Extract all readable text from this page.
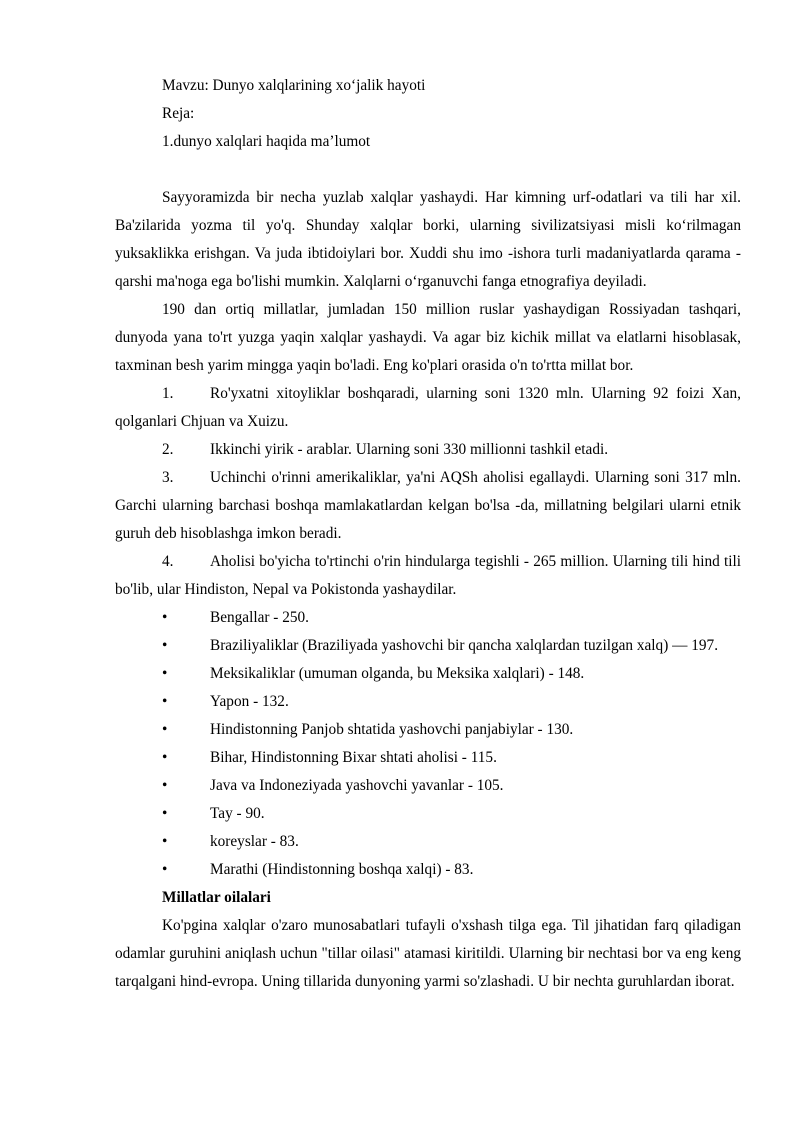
Mavzu: Dunyo xalqlarining xo‘jalik hayoti
Reja:
1.dunyo xalqlari haqida ma’lumot

Sayyoramizda bir necha yuzlab xalqlar yashaydi. Har kimning urf-odatlari va tili har xil. Ba'zilarida yozma til yo'q. Shunday xalqlar borki, ularning sivilizatsiyasi misli ko‘rilmagan yuksaklikka erishgan. Va juda ibtidoiylari bor. Xuddi shu imo -ishora turli madaniyatlarda qarama -qarshi ma'noga ega bo'lishi mumkin. Xalqlarni o‘rganuvchi fanga etnografiya deyiladi.

190 dan ortiq millatlar, jumladan 150 million ruslar yashaydigan Rossiyadan tashqari, dunyoda yana to'rt yuzga yaqin xalqlar yashaydi. Va agar biz kichik millat va elatlarni hisoblasak, taxminan besh yarim mingga yaqin bo'ladi. Eng ko'plari orasida o'n to'rtta millat bor.

1. Ro'yxatni xitoyliklar boshqaradi, ularning soni 1320 mln. Ularning 92 foizi Xan, qolganlari Chjuan va Xuizu.

2. Ikkinchi yirik - arablar. Ularning soni 330 millionni tashkil etadi.

3. Uchinchi o'rinni amerikaliklar, ya'ni AQSh aholisi egallaydi. Ularning soni 317 mln. Garchi ularning barchasi boshqa mamlakatlardan kelgan bo'lsa -da, millatning belgilari ularni etnik guruh deb hisoblashga imkon beradi.

4. Aholisi bo'yicha to'rtinchi o'rin hindularga tegishli - 265 million. Ularning tili hind tili bo'lib, ular Hindiston, Nepal va Pokistonda yashaydilar.

•	Bengallar - 250.

•	Braziliyaliklar (Braziliyada yashovchi bir qancha xalqlardan tuzilgan xalq) — 197.

•	Meksikaliklar (umuman olganda, bu Meksika xalqlari) - 148.

•	Yapon - 132.

•	Hindistonning Panjob shtatida yashovchi panjabiylar - 130.

•	Bihar, Hindistonning Bixar shtati aholisi - 115.

•	Java va Indoneziyada yashovchi yavanlar - 105.

•	Tay - 90.

•	koreyslar - 83.

•	Marathi (Hindistonning boshqa xalqi) - 83.

Millatlar oilalari

Ko'pgina xalqlar o'zaro munosabatlari tufayli o'xshash tilga ega. Til jihatidan farq qiladigan odamlar guruhini aniqlash uchun "tillar oilasi" atamasi kiritildi. Ularning bir nechtasi bor va eng keng tarqalgani hind-evropa. Uning tillarida dunyoning yarmi so'zlashadi. U bir nechta guruhlardan iborat.
